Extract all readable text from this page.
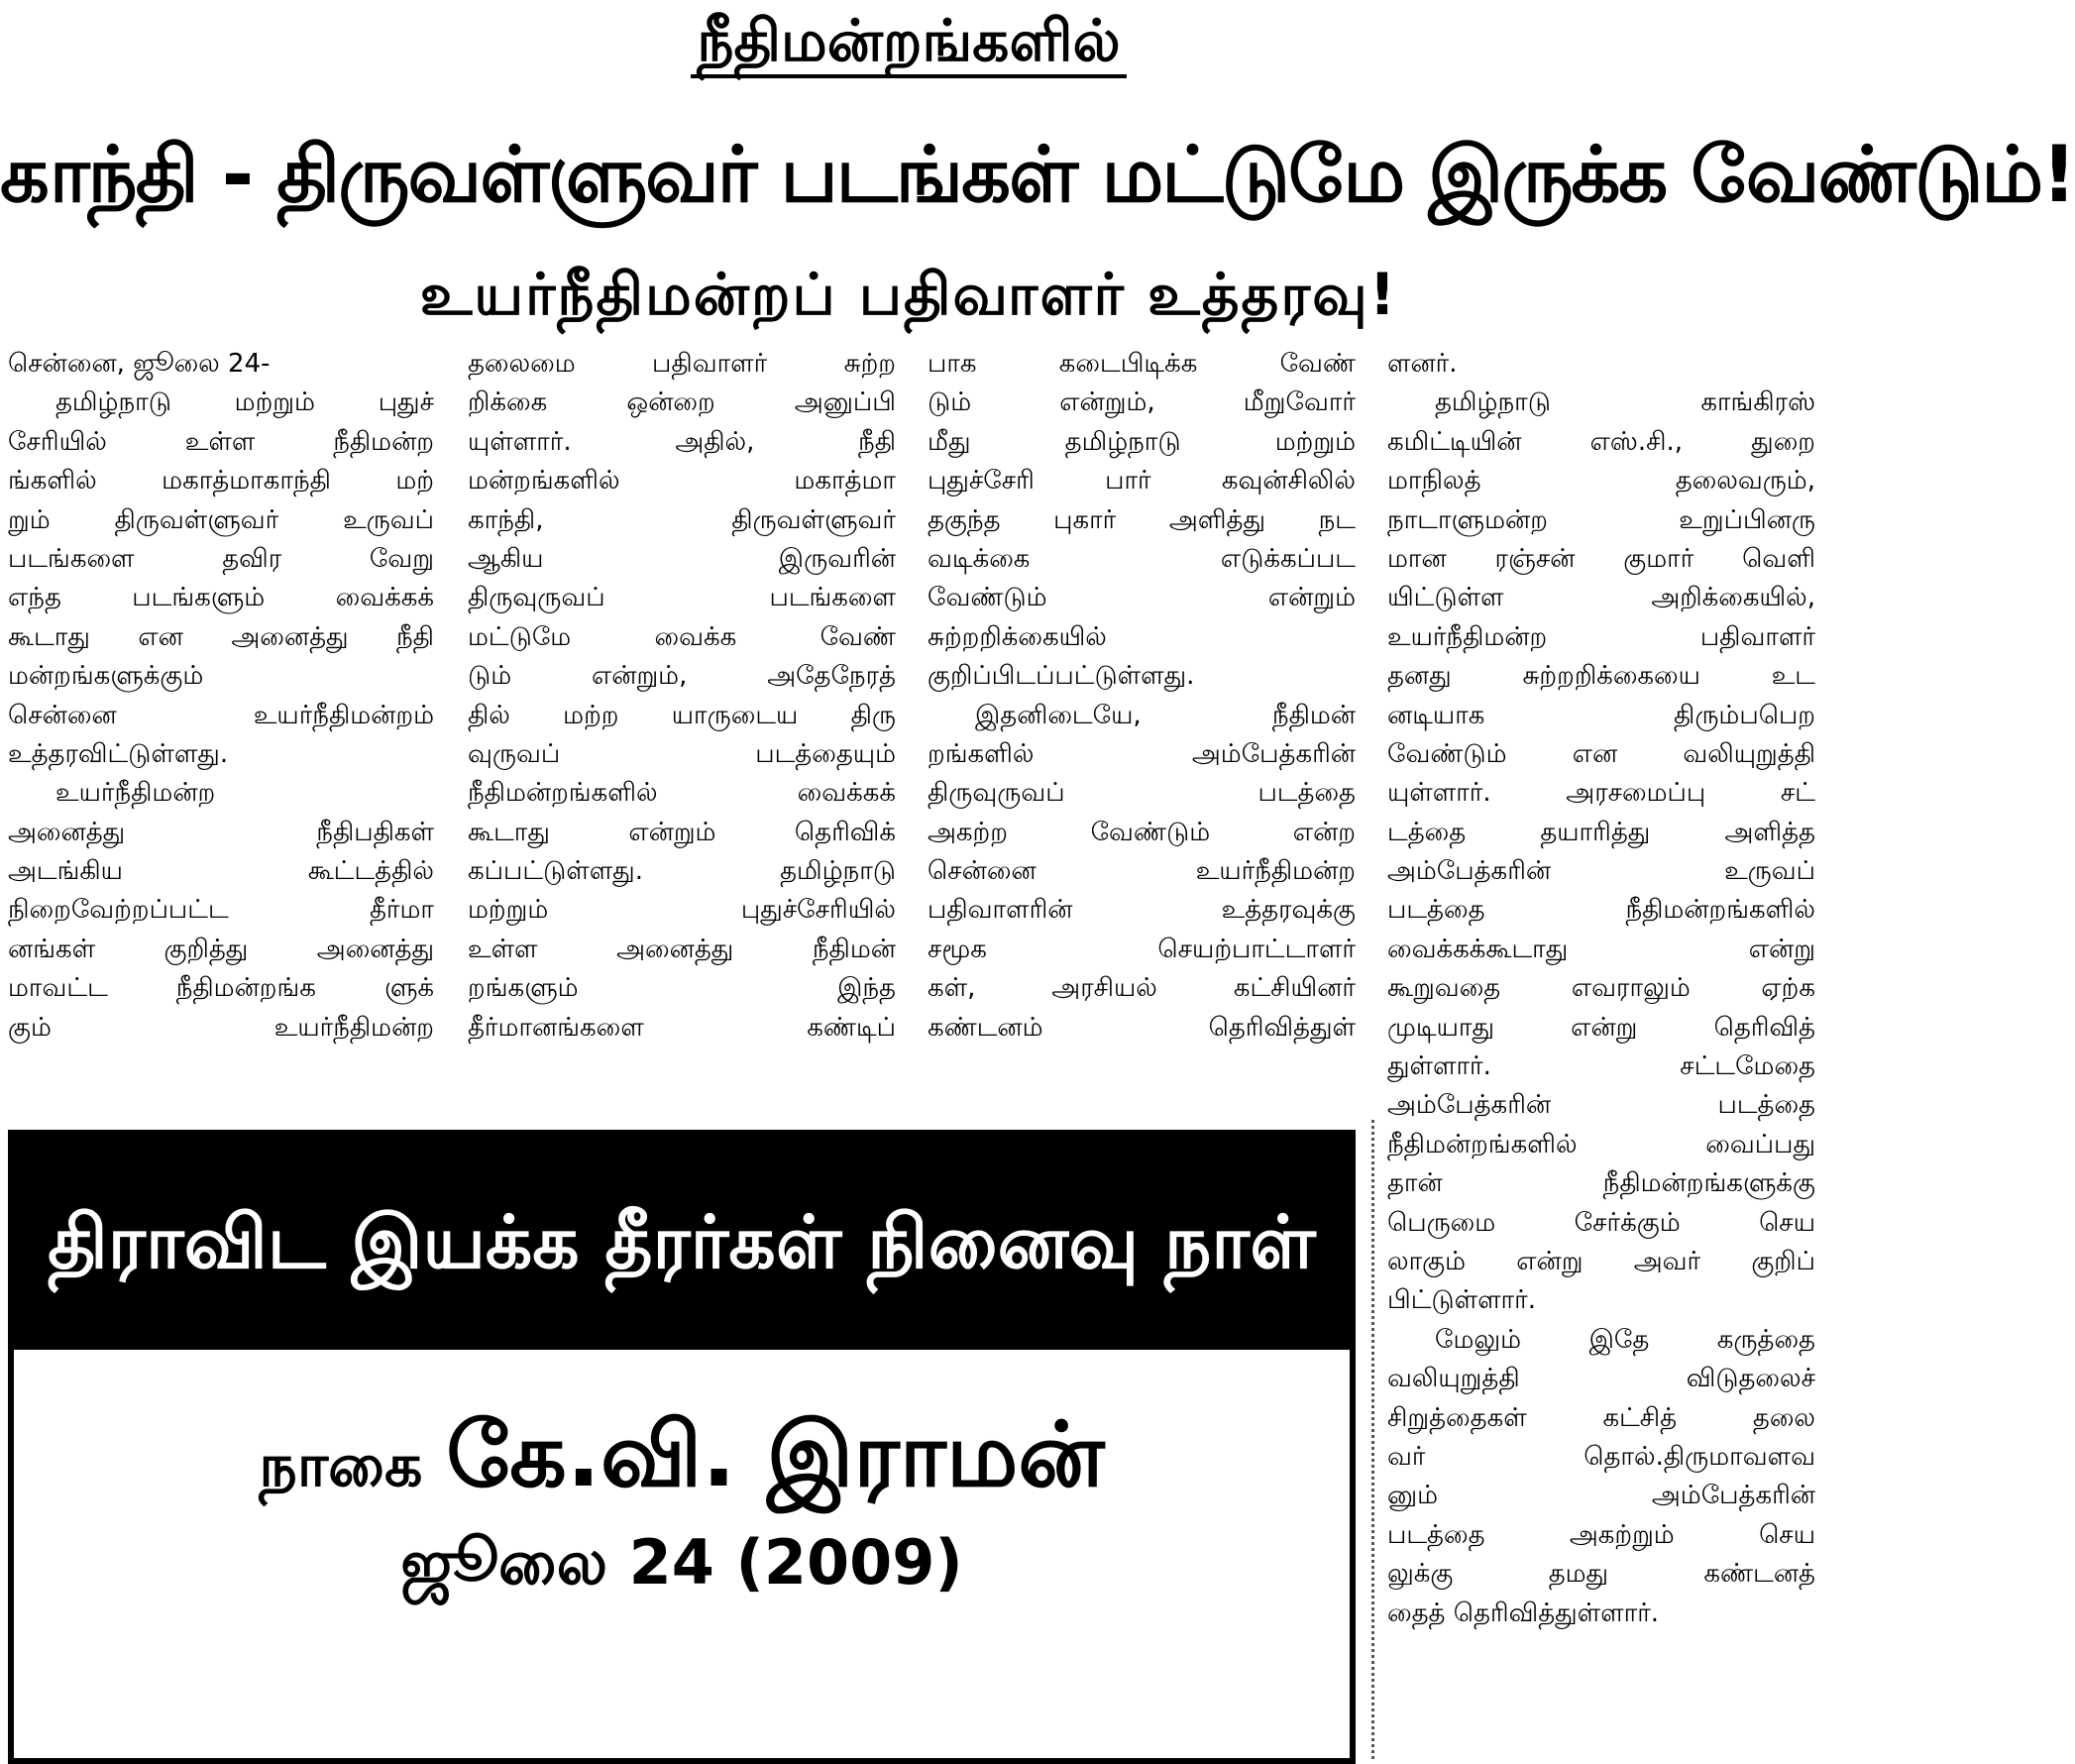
நீதிமன்றங்களில்
காந்தி - திருவள்ளுவர் படங்கள் மட்டுமே இருக்க வேண்டும்!
உயர்நீதிமன்றப் பதிவாளர் உத்தரவு!
சென்னை, ஜூலை 24-
தமிழ்நாடு மற்றும் புதுச்
சேரியில் உள்ள நீதிமன்ற
ங்களில் மகாத்மாகாந்தி மற்
றும் திருவள்ளுவர் உருவப்
படங்களை தவிர வேறு
எந்த படங்களும் வைக்கக்
கூடாது என அனைத்து நீதி
மன்றங்களுக்கும்
சென்னை உயர்நீதிமன்றம்
உத்தரவிட்டுள்ளது.
உயர்நீதிமன்ற
அனைத்து நீதிபதிகள்
அடங்கிய கூட்டத்தில்
நிறைவேற்றப்பட்ட தீர்மா
னங்கள் குறித்து அனைத்து
மாவட்ட நீதிமன்றங்க ளுக்
கும் உயர்நீதிமன்ற
தலைமை பதிவாளர் சுற்ற
றிக்கை ஒன்றை அனுப்பி
யுள்ளார். அதில், நீதி
மன்றங்களில் மகாத்மா
காந்தி, திருவள்ளுவர்
ஆகிய இருவரின்
திருவுருவப் படங்களை
மட்டுமே வைக்க வேண்
டும் என்றும், அதேநேரத்
தில் மற்ற யாருடைய திரு
வுருவப் படத்தையும்
நீதிமன்றங்களில் வைக்கக்
கூடாது என்றும் தெரிவிக்
கப்பட்டுள்ளது. தமிழ்நாடு
மற்றும் புதுச்சேரியில்
உள்ள அனைத்து நீதிமன்
றங்களும் இந்த
தீர்மானங்களை கண்டிப்
பாக கடைபிடிக்க வேண்
டும் என்றும், மீறுவோர்
மீது தமிழ்நாடு மற்றும்
புதுச்சேரி பார் கவுன்சிலில்
தகுந்த புகார் அளித்து நட
வடிக்கை எடுக்கப்பட
வேண்டும் என்றும்
சுற்றறிக்கையில்
குறிப்பிடப்பட்டுள்ளது.
இதனிடையே, நீதிமன்
றங்களில் அம்பேத்கரின்
திருவுருவப் படத்தை
அகற்ற வேண்டும் என்ற
சென்னை உயர்நீதிமன்ற
பதிவாளரின் உத்தரவுக்கு
சமூக செயற்பாட்டாளர்
கள், அரசியல் கட்சியினர்
கண்டனம் தெரிவித்துள்
ளனர்.
தமிழ்நாடு காங்கிரஸ்
கமிட்டியின் எஸ்.சி., துறை
மாநிலத் தலைவரும்,
நாடாளுமன்ற உறுப்பினரு
மான ரஞ்சன் குமார் வெளி
யிட்டுள்ள அறிக்கையில்,
உயர்நீதிமன்ற பதிவாளர்
தனது சுற்றறிக்கையை உட
னடியாக திரும்பபெற
வேண்டும் என வலியுறுத்தி
யுள்ளார். அரசமைப்பு சட்
டத்தை தயாரித்து அளித்த
அம்பேத்கரின் உருவப்
படத்தை நீதிமன்றங்களில்
வைக்கக்கூடாது என்று
கூறுவதை எவராலும் ஏற்க
முடியாது என்று தெரிவித்
துள்ளார். சட்டமேதை
அம்பேத்கரின் படத்தை
நீதிமன்றங்களில் வைப்பது
தான் நீதிமன்றங்களுக்கு
பெருமை சேர்க்கும் செய
லாகும் என்று அவர் குறிப்
பிட்டுள்ளார்.
மேலும் இதே கருத்தை
வலியுறுத்தி விடுதலைச்
சிறுத்தைகள் கட்சித் தலை
வர் தொல்.திருமாவளவ
னும் அம்பேத்கரின்
படத்தை அகற்றும் செய
லுக்கு தமது கண்டனத்
தைத் தெரிவித்துள்ளார்.
திராவிட இயக்க தீரர்கள் நினைவு நாள்
நாகை கே.வி. இராமன்
ஜூலை 24 (2009)
